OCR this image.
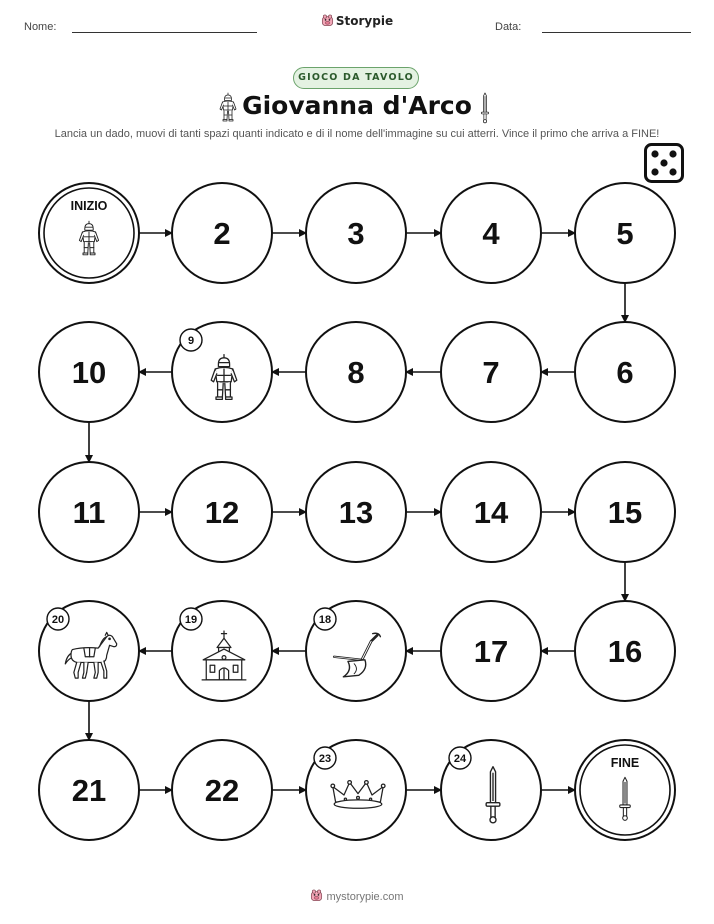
Nome:	Storypie	Data:
GIOCO DA TAVOLO
Giovanna d'Arco
Lancia un dado, muovi di tanti spazi quanti indicato e di il nome dell'immagine su cui atterri. Vince il primo che arriva a FINE!
INIZIO
2	3	4	5
6
7
8
9
10
11	12	13	14	15
16
17
18
19
20
21	22
23	24	FINE
mystorypie.com
